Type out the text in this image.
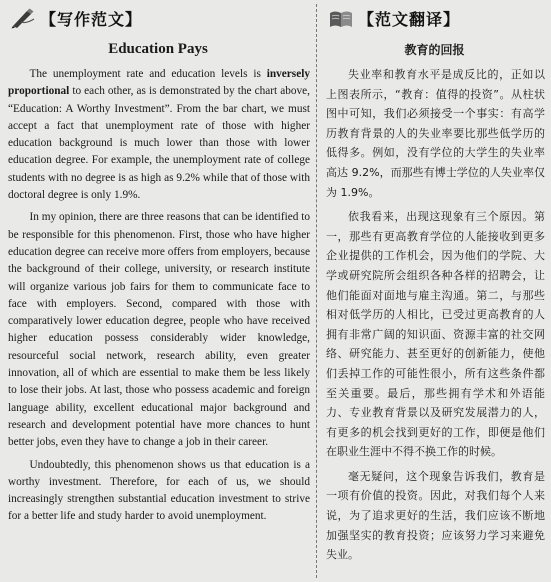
【写作范文】
Education Pays

The unemployment rate and education levels is inversely proportional to each other, as is demonstrated by the chart above, “Education: A Worthy Investment”. From the bar chart, we must accept a fact that unemployment rate of those with higher education background is much lower than those with lower education degree. For example, the unemployment rate of college students with no degree is as high as 9.2% while that of those with doctoral degree is only 1.9%.

In my opinion, there are three reasons that can be identified to be responsible for this phenomenon. First, those who have higher education degree can receive more offers from employers, because the background of their college, university, or research institute will organize various job fairs for them to communicate face to face with employers. Second, compared with those with comparatively lower education degree, people who have received higher education possess considerably wider knowledge, resourceful social network, research ability, even greater innovation, all of which are essential to make them be less likely to lose their jobs. At last, those who possess academic and foreign language ability, excellent educational major background and research and development potential have more chances to hunt better jobs, even they have to change a job in their career.

Undoubtedly, this phenomenon shows us that education is a worthy investment. Therefore, for each of us, we should increasingly strengthen substantial education investment to strive for a better life and study harder to avoid unemployment.

【范文翻译】
教育的回报

失业率和教育水平是成反比的，正如以上图表所示，“教育：值得的投资”。从柱状图中可知，我们必须接受一个事实：有高学历教育背景的人的失业率要比那些低学历的低得多。例如，没有学位的大学生的失业率高达 9.2%，而那些有博士学位的人失业率仅为 1.9%。

依我看来，出现这现象有三个原因。第一，那些有更高教育学位的人能接收到更多企业提供的工作机会，因为他们的学院、大学或研究院所会组织各种各样的招聘会，让他们能面对面地与雇主沟通。第二，与那些相对低学历的人相比，已受过更高教育的人拥有非常广阔的知识面、资源丰富的社交网络、研究能力、甚至更好的创新能力，使他们丢掉工作的可能性很小，所有这些条件都至关重要。最后，那些拥有学术和外语能力、专业教育背景以及研究发展潜力的人，有更多的机会找到更好的工作，即便是他们在职业生涯中不得不换工作的时候。

毫无疑问，这个现象告诉我们，教育是一项有价值的投资。因此，对我们每个人来说，为了追求更好的生活，我们应该不断地加强坚实的教育投资；应该努力学习来避免失业。
